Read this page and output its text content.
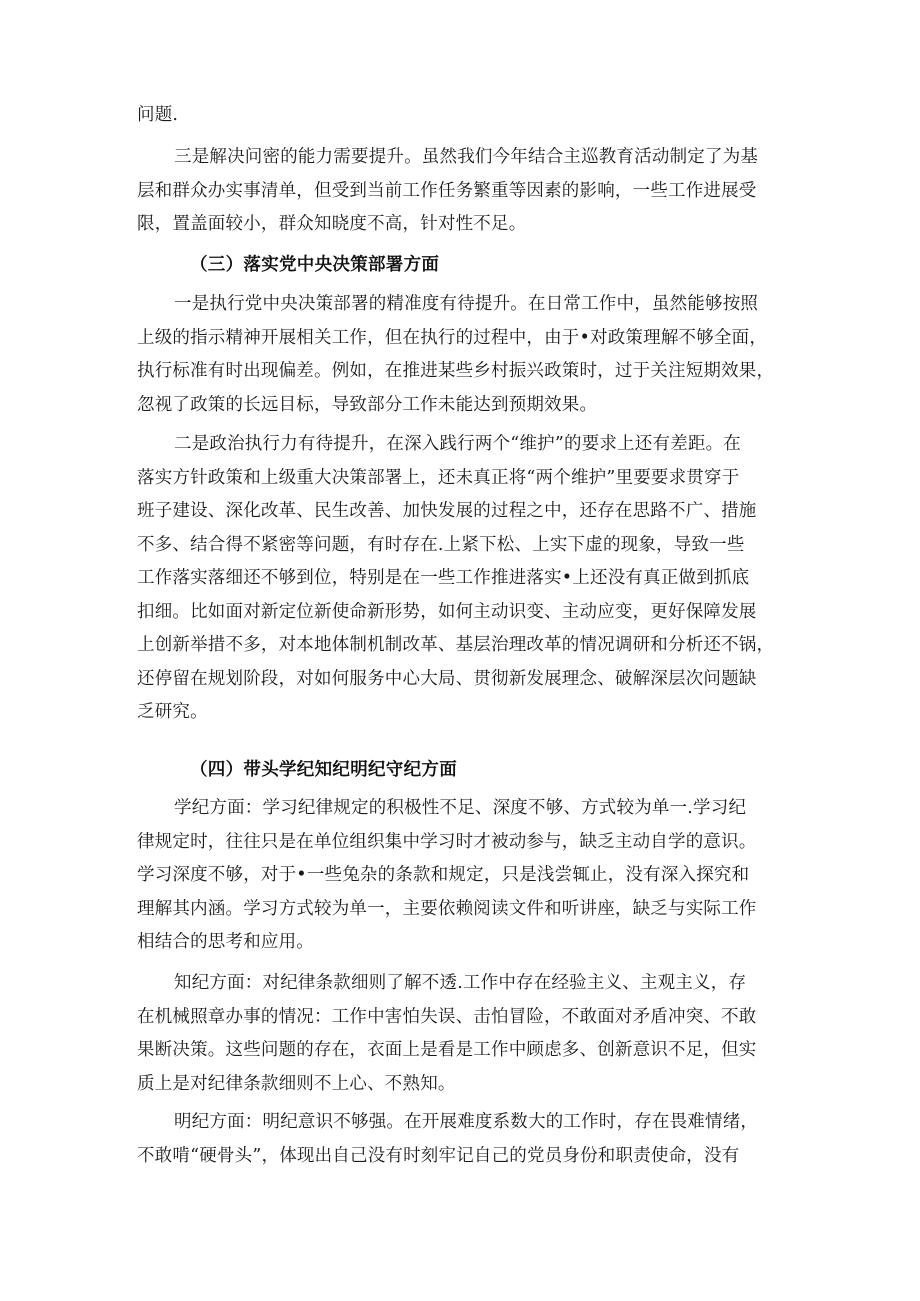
问题.
三是解决问密的能力需要提升。虽然我们今年结合主巡教育活动制定了为基
层和群众办实事清单，但受到当前工作任务繁重等因素的影响，一些工作进展受
限，置盖面较小，群众知晓度不高，针对性不足。
（三）落实党中央决策部署方面
一是执行党中央决策部署的精准度有待提升。在日常工作中，虽然能够按照
上级的指示精神开展相关工作，但在执行的过程中，由于•对政策理解不够全面，
执行标准有时出现偏差。例如，在推进某些乡村振兴政策时，过于关注短期效果，
忽视了政策的长远目标，导致部分工作未能达到预期效果。
二是政治执行力有待提升，在深入践行两个“维护”的要求上还有差距。在
落实方针政策和上级重大决策部署上，还未真正将“两个维护”里要要求贯穿于
班子建设、深化改革、民生改善、加快发展的过程之中，还存在思路不广、措施
不多、结合得不紧密等问题，有时存在.上紧下松、上实下虚的现象，导致一些
工作落实落细还不够到位，特别是在一些工作推进落实•上还没有真正做到抓底
扣细。比如面对新定位新使命新形势，如何主动识变、主动应变，更好保障发展
上创新举措不多，对本地体制机制改革、基层治理改革的情况调研和分析还不锅，
还停留在规划阶段，对如何服务中心大局、贯彻新发展理念、破解深层次问题缺
乏研究。
（四）带头学纪知纪明纪守纪方面
学纪方面：学习纪律规定的积极性不足、深度不够、方式较为单一.学习纪
律规定时，往往只是在单位组织集中学习时才被动参与，缺乏主动自学的意识。
学习深度不够，对于•一些兔杂的条款和规定，只是浅尝辄止，没有深入探究和
理解其内涵。学习方式较为单一，主要依赖阅读文件和听讲座，缺乏与实际工作
相结合的思考和应用。
知纪方面：对纪律条款细则了解不透.工作中存在经验主义、主观主义，存
在机械照章办事的情况：工作中害怕失误、击怕冒险，不敢面对矛盾冲突、不敢
果断决策。这些问题的存在，衣面上是看是工作中顾虑多、创新意识不足，但实
质上是对纪律条款细则不上心、不熟知。
明纪方面：明纪意识不够强。在开展难度系数大的工作时，存在畏难情绪，
不敢啃“硬骨头”，体现出自己没有时刻牢记自己的党员身份和职责使命，没有
